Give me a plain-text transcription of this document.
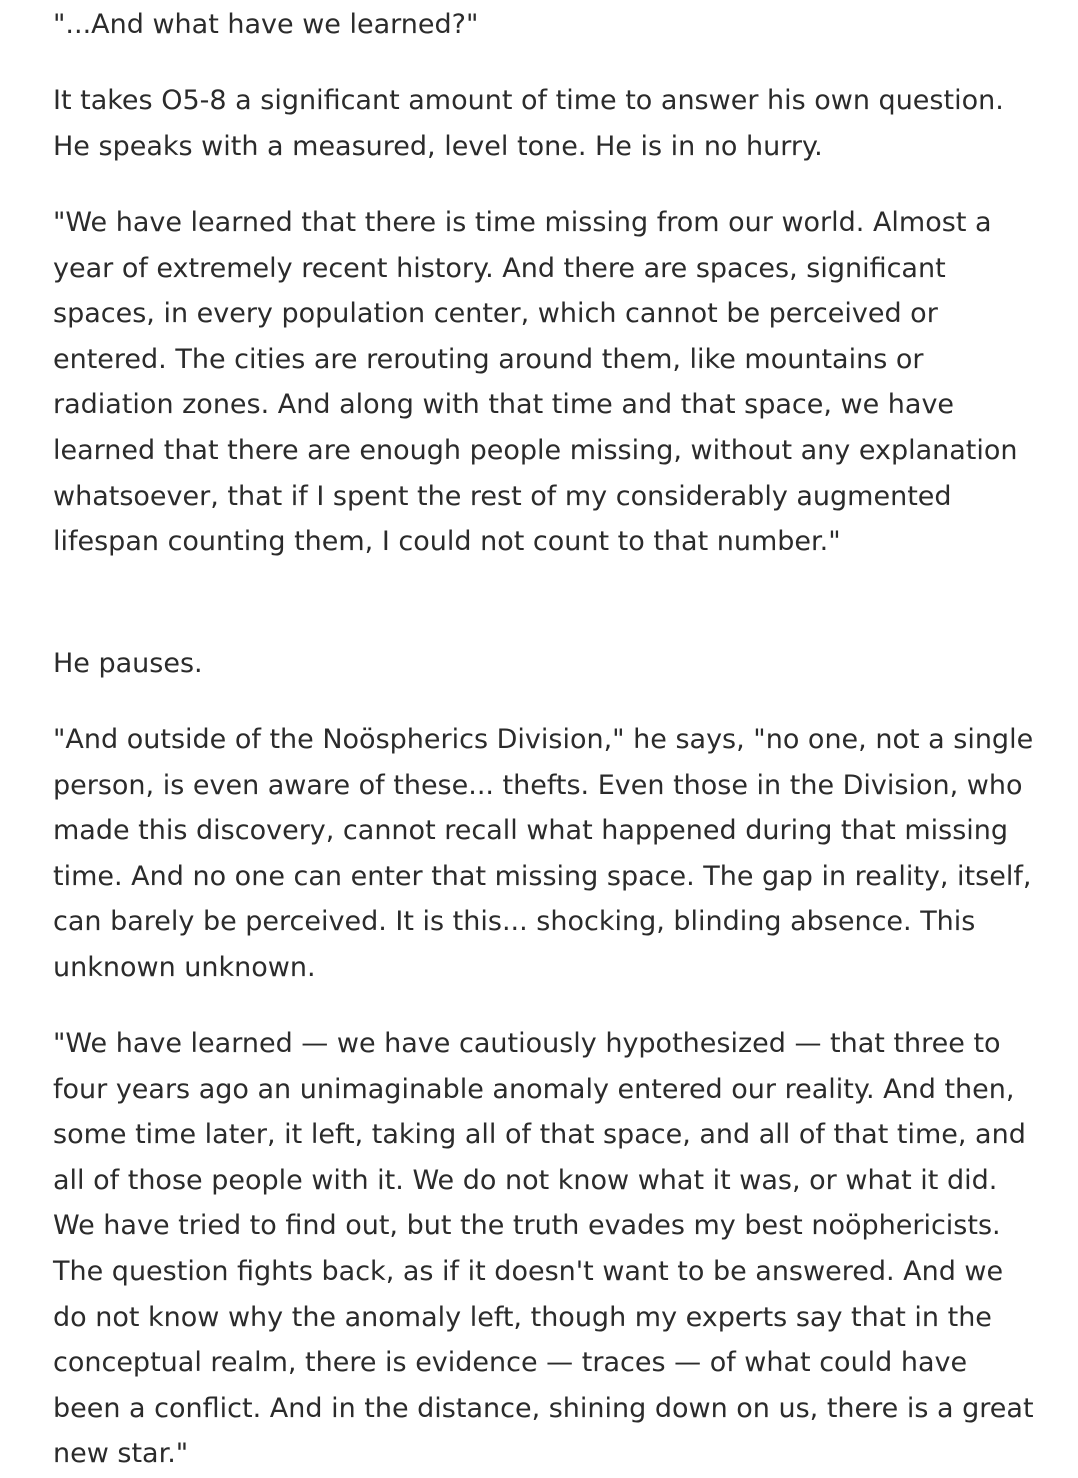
"...And what have we learned?"

It takes O5-8 a significant amount of time to answer his own question. He speaks with a measured, level tone. He is in no hurry.

"We have learned that there is time missing from our world. Almost a year of extremely recent history. And there are spaces, significant spaces, in every population center, which cannot be perceived or entered. The cities are rerouting around them, like mountains or radiation zones. And along with that time and that space, we have learned that there are enough people missing, without any explanation whatsoever, that if I spent the rest of my considerably augmented lifespan counting them, I could not count to that number."

He pauses.

"And outside of the Noöspherics Division," he says, "no one, not a single person, is even aware of these... thefts. Even those in the Division, who made this discovery, cannot recall what happened during that missing time. And no one can enter that missing space. The gap in reality, itself, can barely be perceived. It is this... shocking, blinding absence. This unknown unknown.

"We have learned — we have cautiously hypothesized — that three to four years ago an unimaginable anomaly entered our reality. And then, some time later, it left, taking all of that space, and all of that time, and all of those people with it. We do not know what it was, or what it did. We have tried to find out, but the truth evades my best noöphericists. The question fights back, as if it doesn't want to be answered. And we do not know why the anomaly left, though my experts say that in the conceptual realm, there is evidence — traces — of what could have been a conflict. And in the distance, shining down on us, there is a great new star."
